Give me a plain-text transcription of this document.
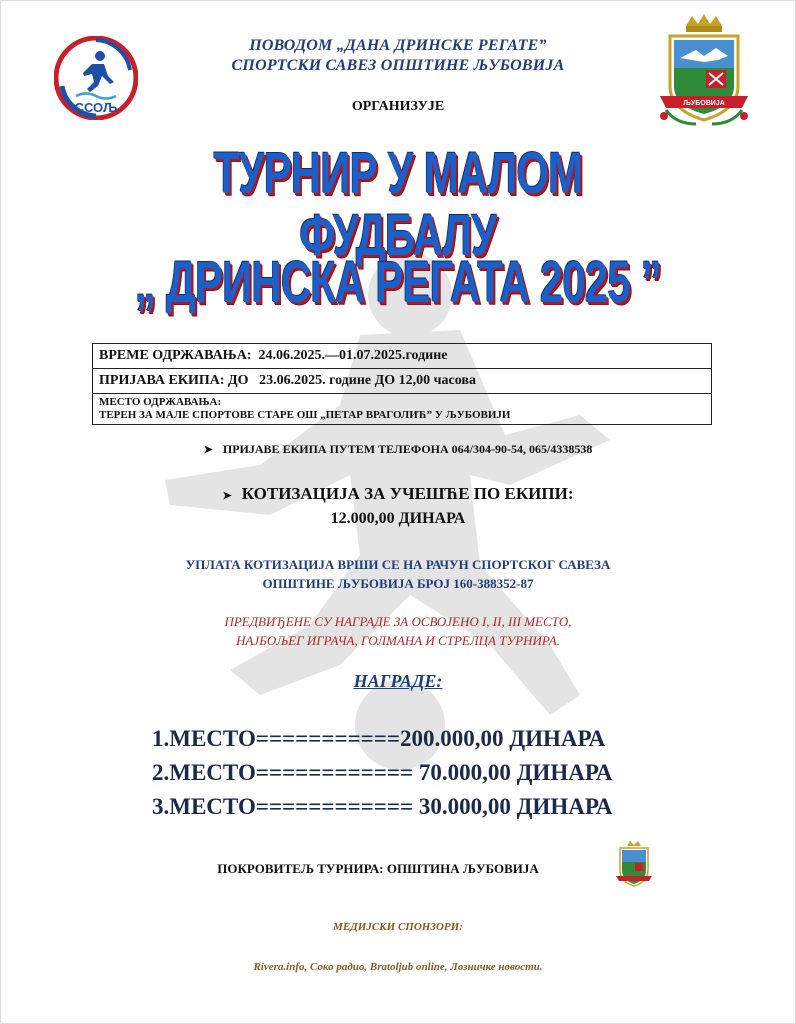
ССОЉ	ЉУБОВИЈА
ПОВОДОМ „ДАНА ДРИНСКЕ РЕГАТЕ”
СПОРТСКИ САВЕЗ ОПШТИНЕ ЉУБОВИЈА
ОРГАНИЗУЈЕ
ТУРНИР У МАЛОМ ФУДБАЛУ
„ ДРИНСКА РЕГАТА 2025 ”
ВРЕМЕ ОДРЖАВАЊА: 24.06.2025.—01.07.2025.године
ПРИЈАВА ЕКИПА: ДО 23.06.2025. године ДО 12,00 часова

МЕСТО ОДРЖАВАЊА:
ТЕРЕН ЗА МАЛЕ СПОРТОВЕ СТАРЕ ОШ „ПЕТАР ВРАГОЛИЋ” У ЉУБОВИЈИ
➤ ПРИЈАВЕ ЕКИПА ПУТЕМ ТЕЛЕФОНА 064/304-90-54, 065/4338538
➤ КОТИЗАЦИЈА ЗА УЧЕШЋЕ ПО ЕКИПИ:
12.000,00 ДИНАРА
УПЛАТА КОТИЗАЦИЈА ВРШИ СЕ НА РАЧУН СПОРТСКОГ САВЕЗА
ОПШТИНЕ ЉУБОВИЈА БРОЈ 160-388352-87
ПРЕДВИЂЕНЕ СУ НАГРАДЕ ЗА ОСВОЈЕНО I, II, III МЕСТО,
НАЈБОЉЕГ ИГРАЧА, ГОЛМАНА И СТРЕЛЦА ТУРНИРА.
НАГРАДЕ:
1.МЕСТО===========200.000,00 ДИНАРА
2.МЕСТО============ 70.000,00 ДИНАРА
3.МЕСТО============ 30.000,00 ДИНАРА
ПОКРОВИТЕЉ ТУРНИРА: ОПШТИНА ЉУБОВИЈА
МЕДИЈСКИ СПОНЗОРИ:
Rivera.info, Соко радио, Bratoljub online, Лозничке новости.
